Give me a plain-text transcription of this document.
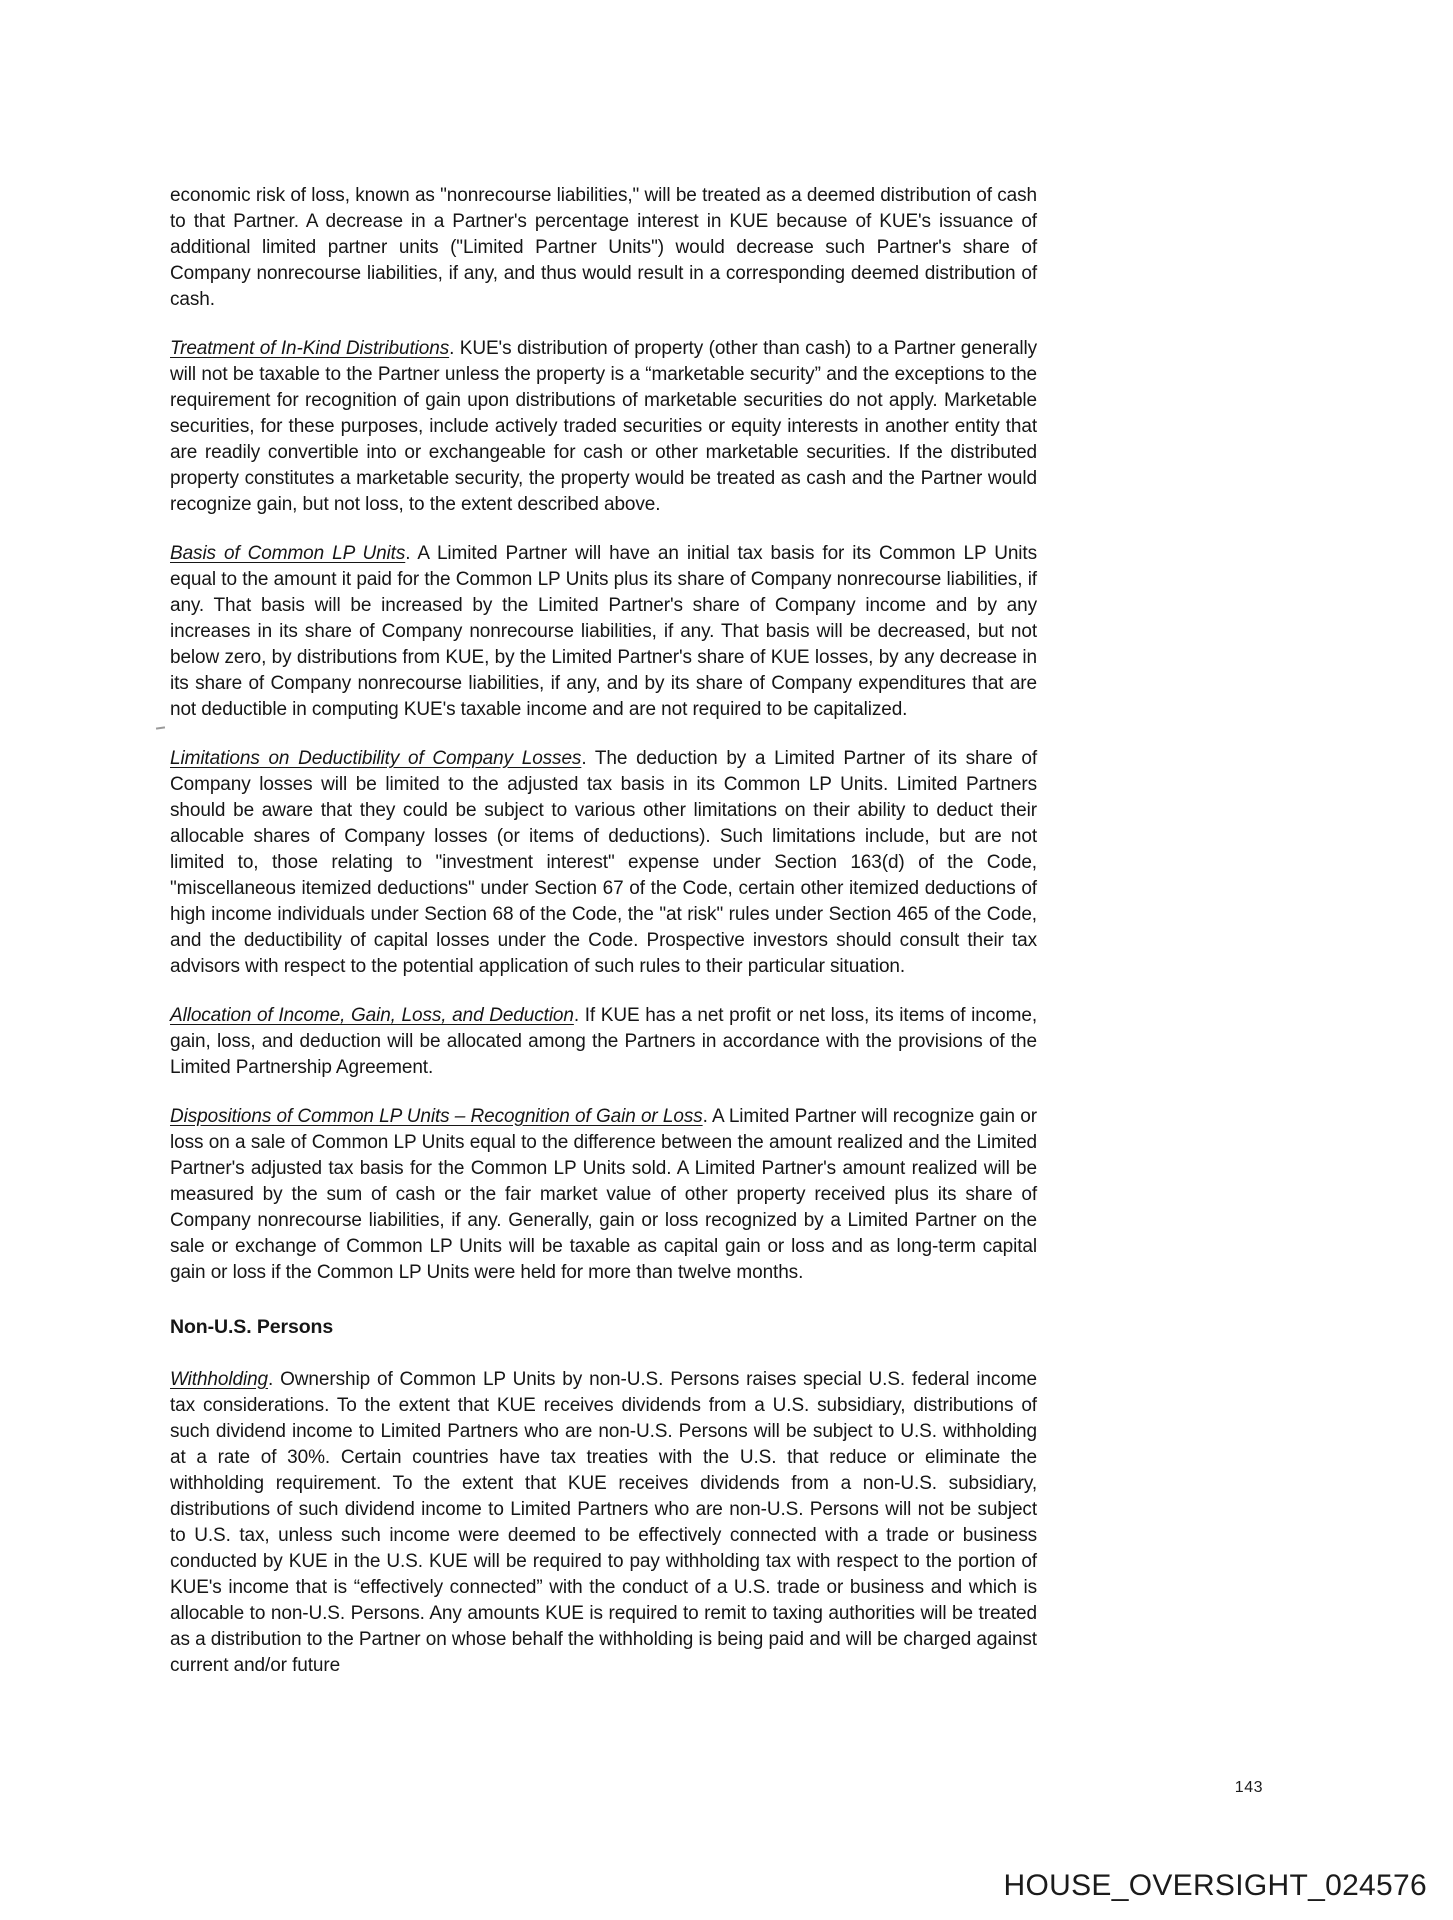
economic risk of loss, known as "nonrecourse liabilities," will be treated as a deemed distribution of cash to that Partner. A decrease in a Partner's percentage interest in KUE because of KUE's issuance of additional limited partner units ("Limited Partner Units") would decrease such Partner's share of Company nonrecourse liabilities, if any, and thus would result in a corresponding deemed distribution of cash.

Treatment of In-Kind Distributions. KUE's distribution of property (other than cash) to a Partner generally will not be taxable to the Partner unless the property is a “marketable security” and the exceptions to the requirement for recognition of gain upon distributions of marketable securities do not apply. Marketable securities, for these purposes, include actively traded securities or equity interests in another entity that are readily convertible into or exchangeable for cash or other marketable securities. If the distributed property constitutes a marketable security, the property would be treated as cash and the Partner would recognize gain, but not loss, to the extent described above.

Basis of Common LP Units. A Limited Partner will have an initial tax basis for its Common LP Units equal to the amount it paid for the Common LP Units plus its share of Company nonrecourse liabilities, if any. That basis will be increased by the Limited Partner's share of Company income and by any increases in its share of Company nonrecourse liabilities, if any. That basis will be decreased, but not below zero, by distributions from KUE, by the Limited Partner's share of KUE losses, by any decrease in its share of Company nonrecourse liabilities, if any, and by its share of Company expenditures that are not deductible in computing KUE's taxable income and are not required to be capitalized.

Limitations on Deductibility of Company Losses. The deduction by a Limited Partner of its share of Company losses will be limited to the adjusted tax basis in its Common LP Units. Limited Partners should be aware that they could be subject to various other limitations on their ability to deduct their allocable shares of Company losses (or items of deductions). Such limitations include, but are not limited to, those relating to "investment interest" expense under Section 163(d) of the Code, "miscellaneous itemized deductions" under Section 67 of the Code, certain other itemized deductions of high income individuals under Section 68 of the Code, the "at risk" rules under Section 465 of the Code, and the deductibility of capital losses under the Code. Prospective investors should consult their tax advisors with respect to the potential application of such rules to their particular situation.

Allocation of Income, Gain, Loss, and Deduction. If KUE has a net profit or net loss, its items of income, gain, loss, and deduction will be allocated among the Partners in accordance with the provisions of the Limited Partnership Agreement.

Dispositions of Common LP Units – Recognition of Gain or Loss. A Limited Partner will recognize gain or loss on a sale of Common LP Units equal to the difference between the amount realized and the Limited Partner's adjusted tax basis for the Common LP Units sold. A Limited Partner's amount realized will be measured by the sum of cash or the fair market value of other property received plus its share of Company nonrecourse liabilities, if any. Generally, gain or loss recognized by a Limited Partner on the sale or exchange of Common LP Units will be taxable as capital gain or loss and as long-term capital gain or loss if the Common LP Units were held for more than twelve months.

Non-U.S. Persons

Withholding. Ownership of Common LP Units by non-U.S. Persons raises special U.S. federal income tax considerations. To the extent that KUE receives dividends from a U.S. subsidiary, distributions of such dividend income to Limited Partners who are non-U.S. Persons will be subject to U.S. withholding at a rate of 30%. Certain countries have tax treaties with the U.S. that reduce or eliminate the withholding requirement. To the extent that KUE receives dividends from a non-U.S. subsidiary, distributions of such dividend income to Limited Partners who are non-U.S. Persons will not be subject to U.S. tax, unless such income were deemed to be effectively connected with a trade or business conducted by KUE in the U.S. KUE will be required to pay withholding tax with respect to the portion of KUE's income that is “effectively connected” with the conduct of a U.S. trade or business and which is allocable to non-U.S. Persons. Any amounts KUE is required to remit to taxing authorities will be treated as a distribution to the Partner on whose behalf the withholding is being paid and will be charged against current and/or future

143
HOUSE_OVERSIGHT_024576
